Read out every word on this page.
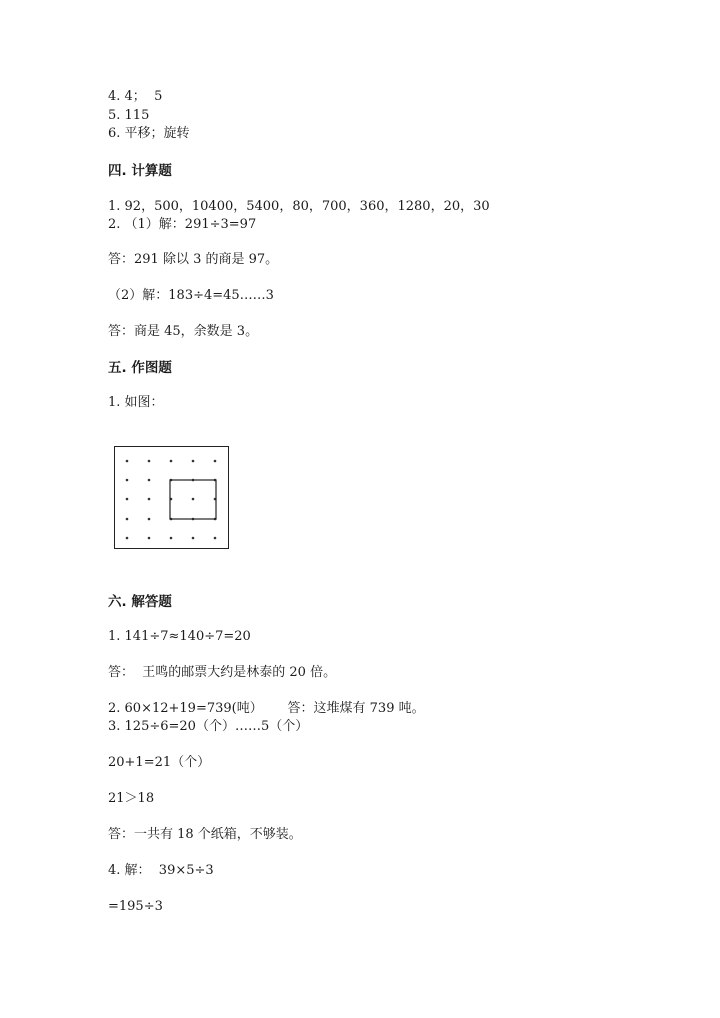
4. 4；  5
5. 115
6. 平移；旋转
四. 计算题
1. 92，500，10400，5400，80，700，360，1280，20，30
2. （1）解：291÷3=97
答：291 除以 3 的商是 97。
（2）解：183÷4=45……3
答：商是 45，余数是 3。
五. 作图题
1. 如图：
六. 解答题
1. 141÷7≈140÷7=20
答：  王鸣的邮票大约是林泰的 20 倍。
2. 60×12+19=739(吨）      答：这堆煤有 739 吨。
3. 125÷6=20（个）……5（个）
20+1=21（个）
21＞18
答：一共有 18 个纸箱，不够装。
4. 解：  39×5÷3
=195÷3
